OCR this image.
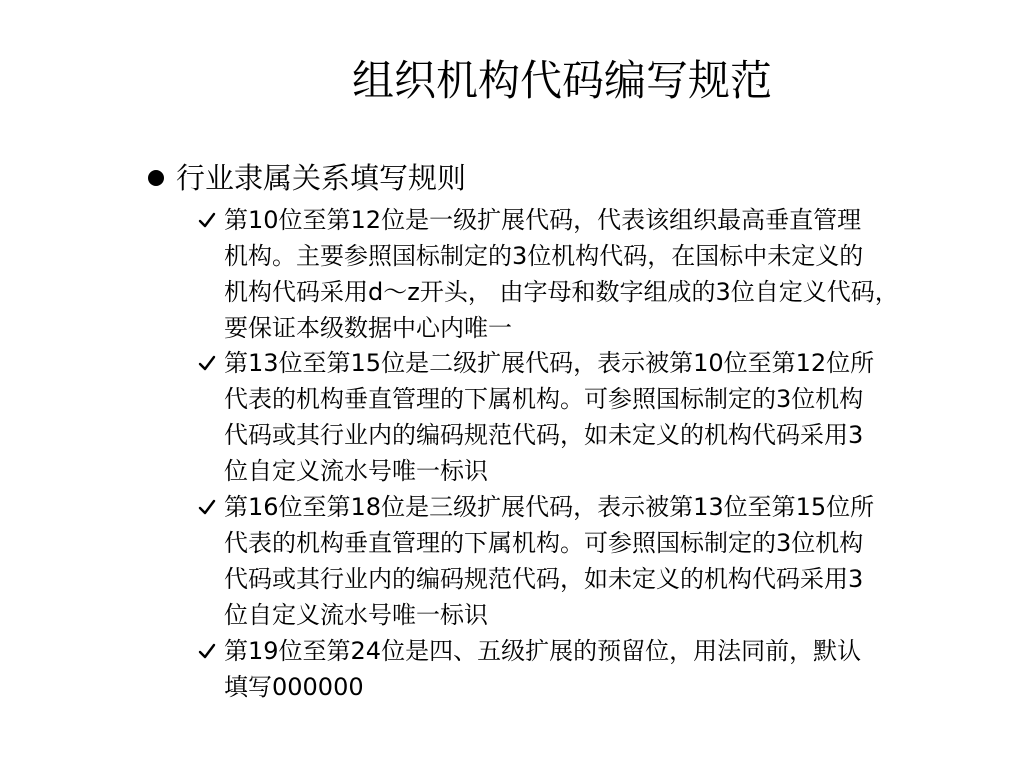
组织机构代码编写规范
行业隶属关系填写规则
第10位至第12位是一级扩展代码，代表该组织最高垂直管理
机构。主要参照国标制定的3位机构代码，在国标中未定义的
机构代码采用d～z开头， 由字母和数字组成的3位自定义代码，
要保证本级数据中心内唯一
第13位至第15位是二级扩展代码，表示被第10位至第12位所
代表的机构垂直管理的下属机构。可参照国标制定的3位机构
代码或其行业内的编码规范代码，如未定义的机构代码采用3
位自定义流水号唯一标识
第16位至第18位是三级扩展代码，表示被第13位至第15位所
代表的机构垂直管理的下属机构。可参照国标制定的3位机构
代码或其行业内的编码规范代码，如未定义的机构代码采用3
位自定义流水号唯一标识
第19位至第24位是四、五级扩展的预留位，用法同前，默认
填写000000
